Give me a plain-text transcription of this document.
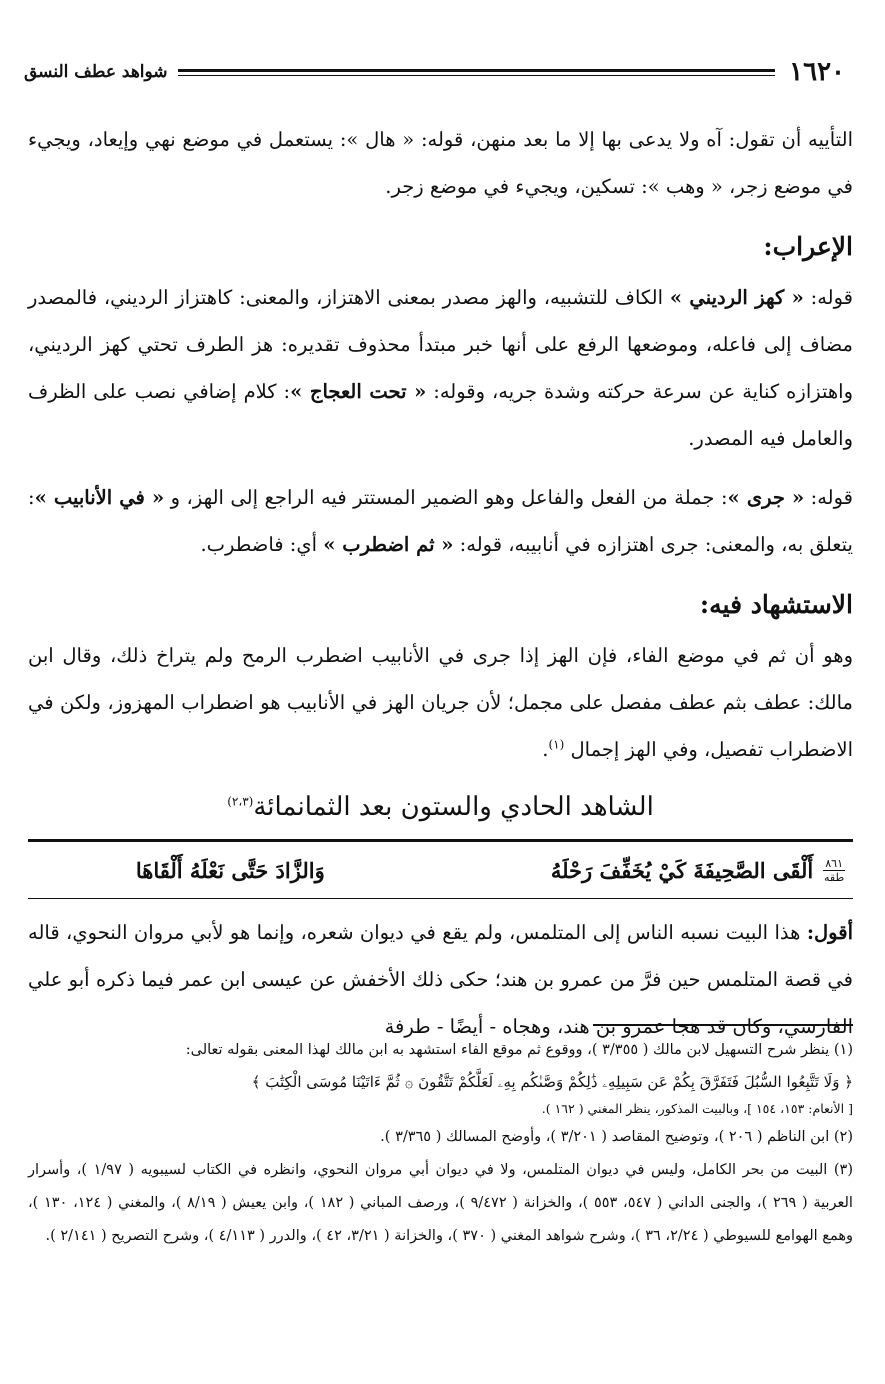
١٦٢٠
شواهد عطف النسق

التأييه أن تقول: آه ولا يدعى بها إلا ما بعد منهن، قوله: « هال »: يستعمل في موضع نهي وإيعاد، ويجيء في موضع زجر، « وهب »: تسكين، ويجيء في موضع زجر.

الإعراب:

قوله: « كهز الرديني » الكاف للتشبيه، والهز مصدر بمعنى الاهتزاز، والمعنى: كاهتزاز الرديني، فالمصدر مضاف إلى فاعله، وموضعها الرفع على أنها خبر مبتدأ محذوف تقديره: هز الطرف تحتي كهز الرديني، واهتزازه كناية عن سرعة حركته وشدة جريه، وقوله: « تحت العجاج »: كلام إضافي نصب على الظرف والعامل فيه المصدر.

قوله: « جرى »: جملة من الفعل والفاعل وهو الضمير المستتر فيه الراجع إلى الهز، و « في الأنابيب »: يتعلق به، والمعنى: جرى اهتزازه في أنابيبه، قوله: « ثم اضطرب » أي: فاضطرب.

الاستشهاد فيه:

وهو أن ثم في موضع الفاء، فإن الهز إذا جرى في الأنابيب اضطرب الرمح ولم يتراخ ذلك، وقال ابن مالك: عطف بثم عطف مفصل على مجمل؛ لأن جريان الهز في الأنابيب هو اضطراب المهزوز، ولكن في الاضطراب تفصيل، وفي الهز إجمال $^{(١)}$.

الشاهد الحادي والستون بعد الثمانمائة$^{(٢،٣)}$
٨٦١
طقه
أَلْقَى الصَّحِيفَةَ كَيْ يُخَفِّفَ رَحْلَهُ
وَالزَّادَ حَتَّى نَعْلَهُ أَلْقَاهَا

أقول: هذا البيت نسبه الناس إلى المتلمس، ولم يقع في ديوان شعره، وإنما هو لأبي مروان النحوي، قاله في قصة المتلمس حين فرَّ من عمرو بن هند؛ حكى ذلك الأخفش عن عيسى ابن عمر فيما ذكره أبو علي الفارسي، وكان قد هجا عمرو بن هند، وهجاه - أيضًا - طرفة

(١) ينظر شرح التسهيل لابن مالك ( ٣/٣٥٥ )، ووقوع ثم موقع الفاء استشهد به ابن مالك لهذا المعنى بقوله تعالى:

﴿ وَلَا تَتَّبِعُوا السُّبُلَ فَتَفَرَّقَ بِكُمْ عَن سَبِيلِهِۦ ذَٰلِكُمْ وَصَّىٰكُم بِهِۦ لَعَلَّكُمْ تَتَّقُونَ ۞ ثُمَّ ءَاتَيْنَا مُوسَى الْكِتَٰبَ ﴾

[ الأنعام: ١٥٣، ١٥٤ ]، وبالبيت المذكور، ينظر المغني ( ١٦٢ ).

(٢) ابن الناظم ( ٢٠٦ )، وتوضيح المقاصد ( ٣/٢٠١ )، وأوضح المسالك ( ٣/٣٦٥ ).

(٣) البيت من بحر الكامل، وليس في ديوان المتلمس، ولا في ديوان أبي مروان النحوي، وانظره في الكتاب لسيبويه ( ١/٩٧ )، وأسرار العربية ( ٢٦٩ )، والجنى الداني ( ٥٤٧، ٥٥٣ )، والخزانة ( ٩/٤٧٢ )، ورصف المباني ( ١٨٢ )، وابن يعيش ( ٨/١٩ )، والمغني ( ١٢٤، ١٣٠ )، وهمع الهوامع للسيوطي ( ٢/٢٤، ٣٦ )، وشرح شواهد المغني ( ٣٧٠ )، والخزانة ( ٣/٢١، ٤٢ )، والدرر ( ٤/١١٣ )، وشرح التصريح ( ٢/١٤١ ).
